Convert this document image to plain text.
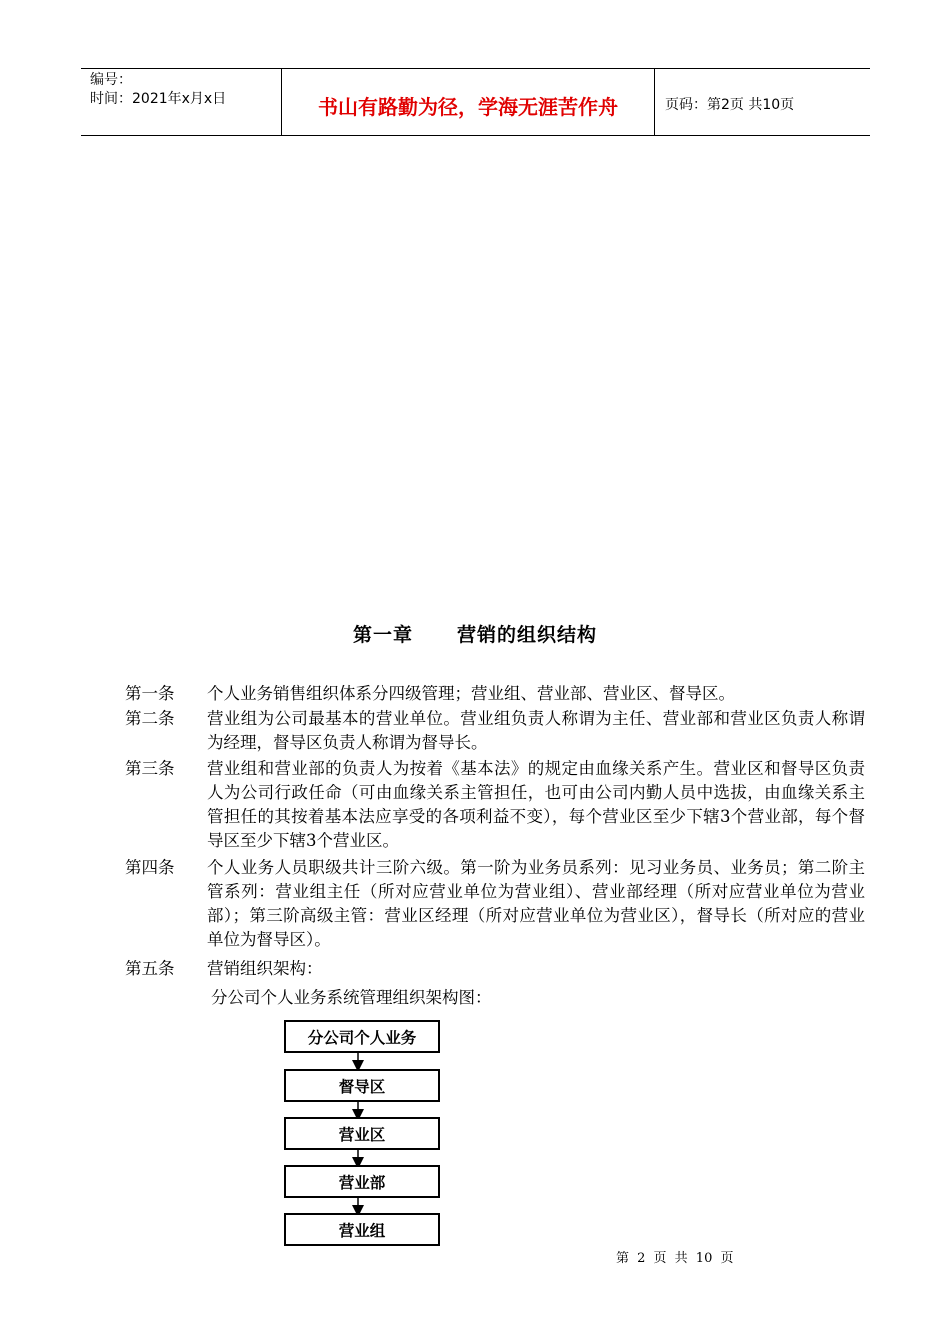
编号：
时间：2021年x月x日	书山有路勤为径，学海无涯苦作舟	页码：第2页 共10页
第一章 营销的组织结构
第一条 个人业务销售组织体系分四级管理；营业组、营业部、营业区、督导区。
第二条 营业组为公司最基本的营业单位。营业组负责人称谓为主任、营业部和营业区负责人称谓为经理，督导区负责人称谓为督导长。
第三条 营业组和营业部的负责人为按着《基本法》的规定由血缘关系产生。营业区和督导区负责人为公司行政任命（可由血缘关系主管担任，也可由公司内勤人员中选拔，由血缘关系主管担任的其按着基本法应享受的各项利益不变），每个营业区至少下辖3个营业部，每个督导区至少下辖3个营业区。
第四条 个人业务人员职级共计三阶六级。第一阶为业务员系列：见习业务员、业务员；第二阶主管系列：营业组主任（所对应营业单位为营业组）、营业部经理（所对应营业单位为营业部）；第三阶高级主管：营业区经理（所对应营业单位为营业区），督导长（所对应的营业单位为督导区）。
第五条 营销组织架构：
分公司个人业务系统管理组织架构图：
分公司个人业务
督导区
营业区
营业部
营业组
第 2 页 共 10 页
